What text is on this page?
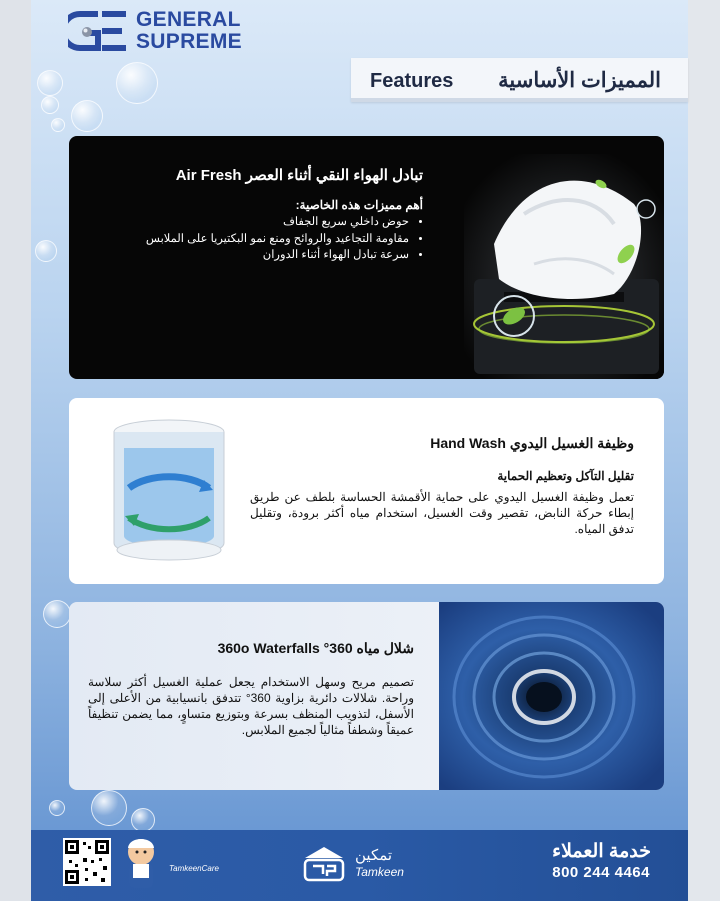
GENERAL
SUPREME
Features المميزات الأساسية
تبادل الهواء النقي أثناء العصر Air Fresh
أهم مميزات هذه الخاصية:
• حوض داخلي سريع الجفاف
• مقاومة التجاعيد والروائح ومنع نمو البكتيريا على الملابس
• سرعة تبادل الهواء أثناء الدوران
وظيفة الغسيل اليدوي Hand Wash
تقليل التآكل وتعظيم الحماية
تعمل وظيفة الغسيل اليدوي على حماية الأقمشة الحساسة بلطف عن طريق إبطاء حركة النابض، تقصير وقت الغسيل، استخدام مياه أكثر برودة، وتقليل تدفق المياه.
شلال مياه 360° 360o Waterfalls
تصميم مريح وسهل الاستخدام يجعل عملية الغسيل أكثر سلاسة وراحة. شلالات دائرية بزاوية 360° تتدفق بانسيابية من الأعلى إلى الأسفل، لتذويب المنظف بسرعة وبتوزيع متساوٍ، مما يضمن تنظيفاً عميقاً وشطفاً مثالياً لجميع الملابس.
TamkeenCare
تمكين
Tamkeen
خدمة العملاء
800 244 4464
